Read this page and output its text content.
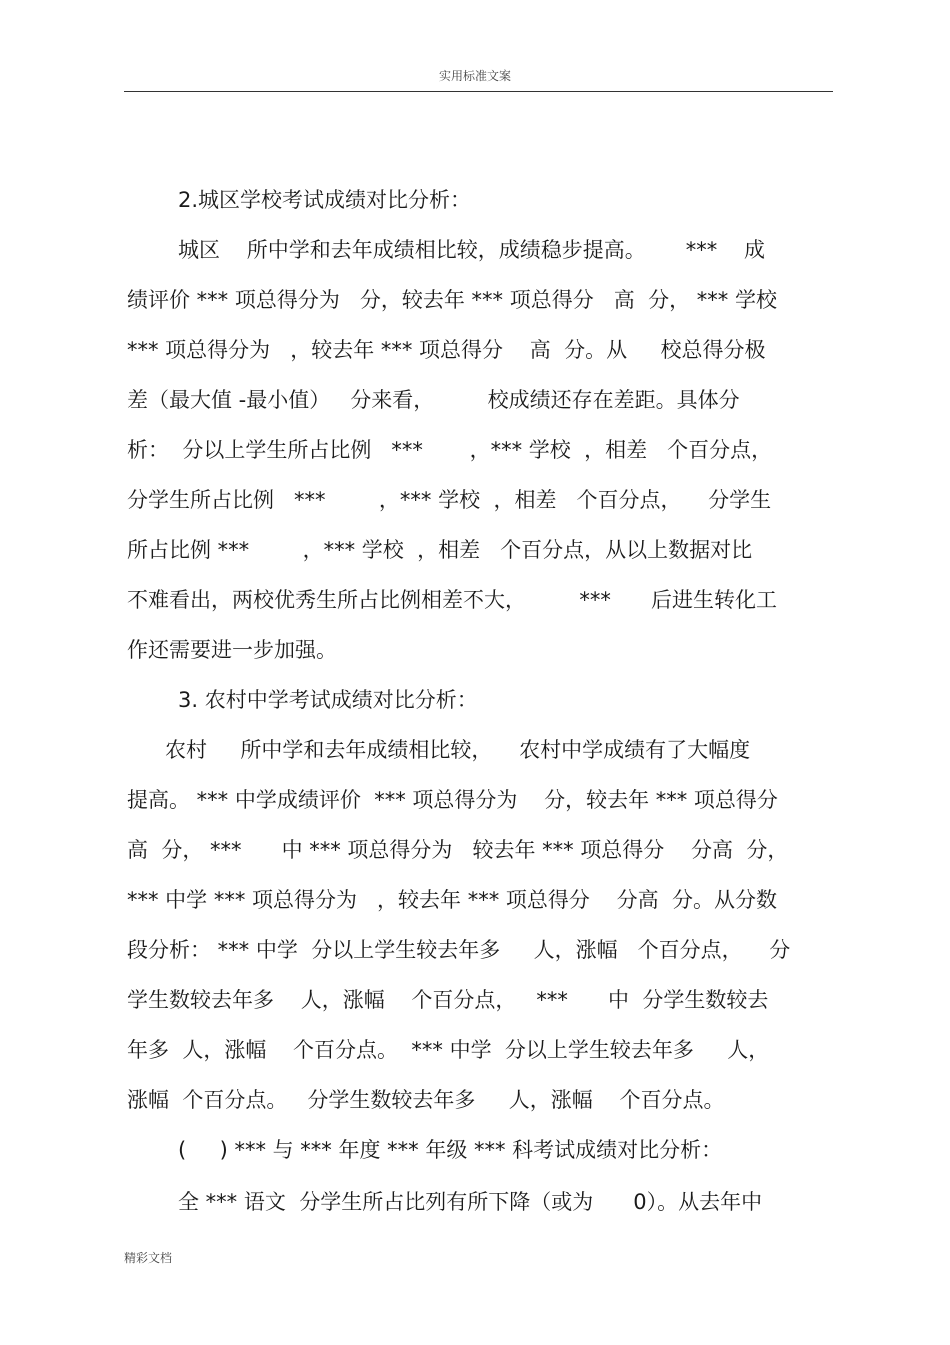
实用标准文案
2.城区学校考试成绩对比分析：
城区    所中学和去年成绩相比较，成绩稳步提高。      ***    成
绩评价 *** 项总得分为   分，较去年 *** 项总得分   高  分， *** 学校
*** 项总得分为   ，较去年 *** 项总得分    高  分。从     校总得分极
差（最大值 -最小值）   分来看，        校成绩还存在差距。具体分
析：  分以上学生所占比例   ***       ，*** 学校  ，相差   个百分点，
分学生所占比例   ***        ，*** 学校  ，相差   个百分点，    分学生
所占比例 ***        ，*** 学校  ，相差   个百分点，从以上数据对比
不难看出，两校优秀生所占比例相差不大，        ***      后进生转化工
作还需要进一步加强。
3. 农村中学考试成绩对比分析：
农村     所中学和去年成绩相比较，    农村中学成绩有了大幅度
提高。 *** 中学成绩评价  *** 项总得分为    分，较去年 *** 项总得分
高  分， ***      中 *** 项总得分为   较去年 *** 项总得分    分高  分，
*** 中学 *** 项总得分为   ，较去年 *** 项总得分    分高  分。从分数
段分析： *** 中学  分以上学生较去年多     人，涨幅   个百分点，    分
学生数较去年多    人，涨幅    个百分点，   ***      中  分学生数较去
年多  人，涨幅    个百分点。  *** 中学  分以上学生较去年多     人，
涨幅  个百分点。   分学生数较去年多     人，涨幅    个百分点。
(     ) *** 与 *** 年度 *** 年级 *** 科考试成绩对比分析：
全 *** 语文  分学生所占比列有所下降（或为      0）。从去年中
精彩文档
